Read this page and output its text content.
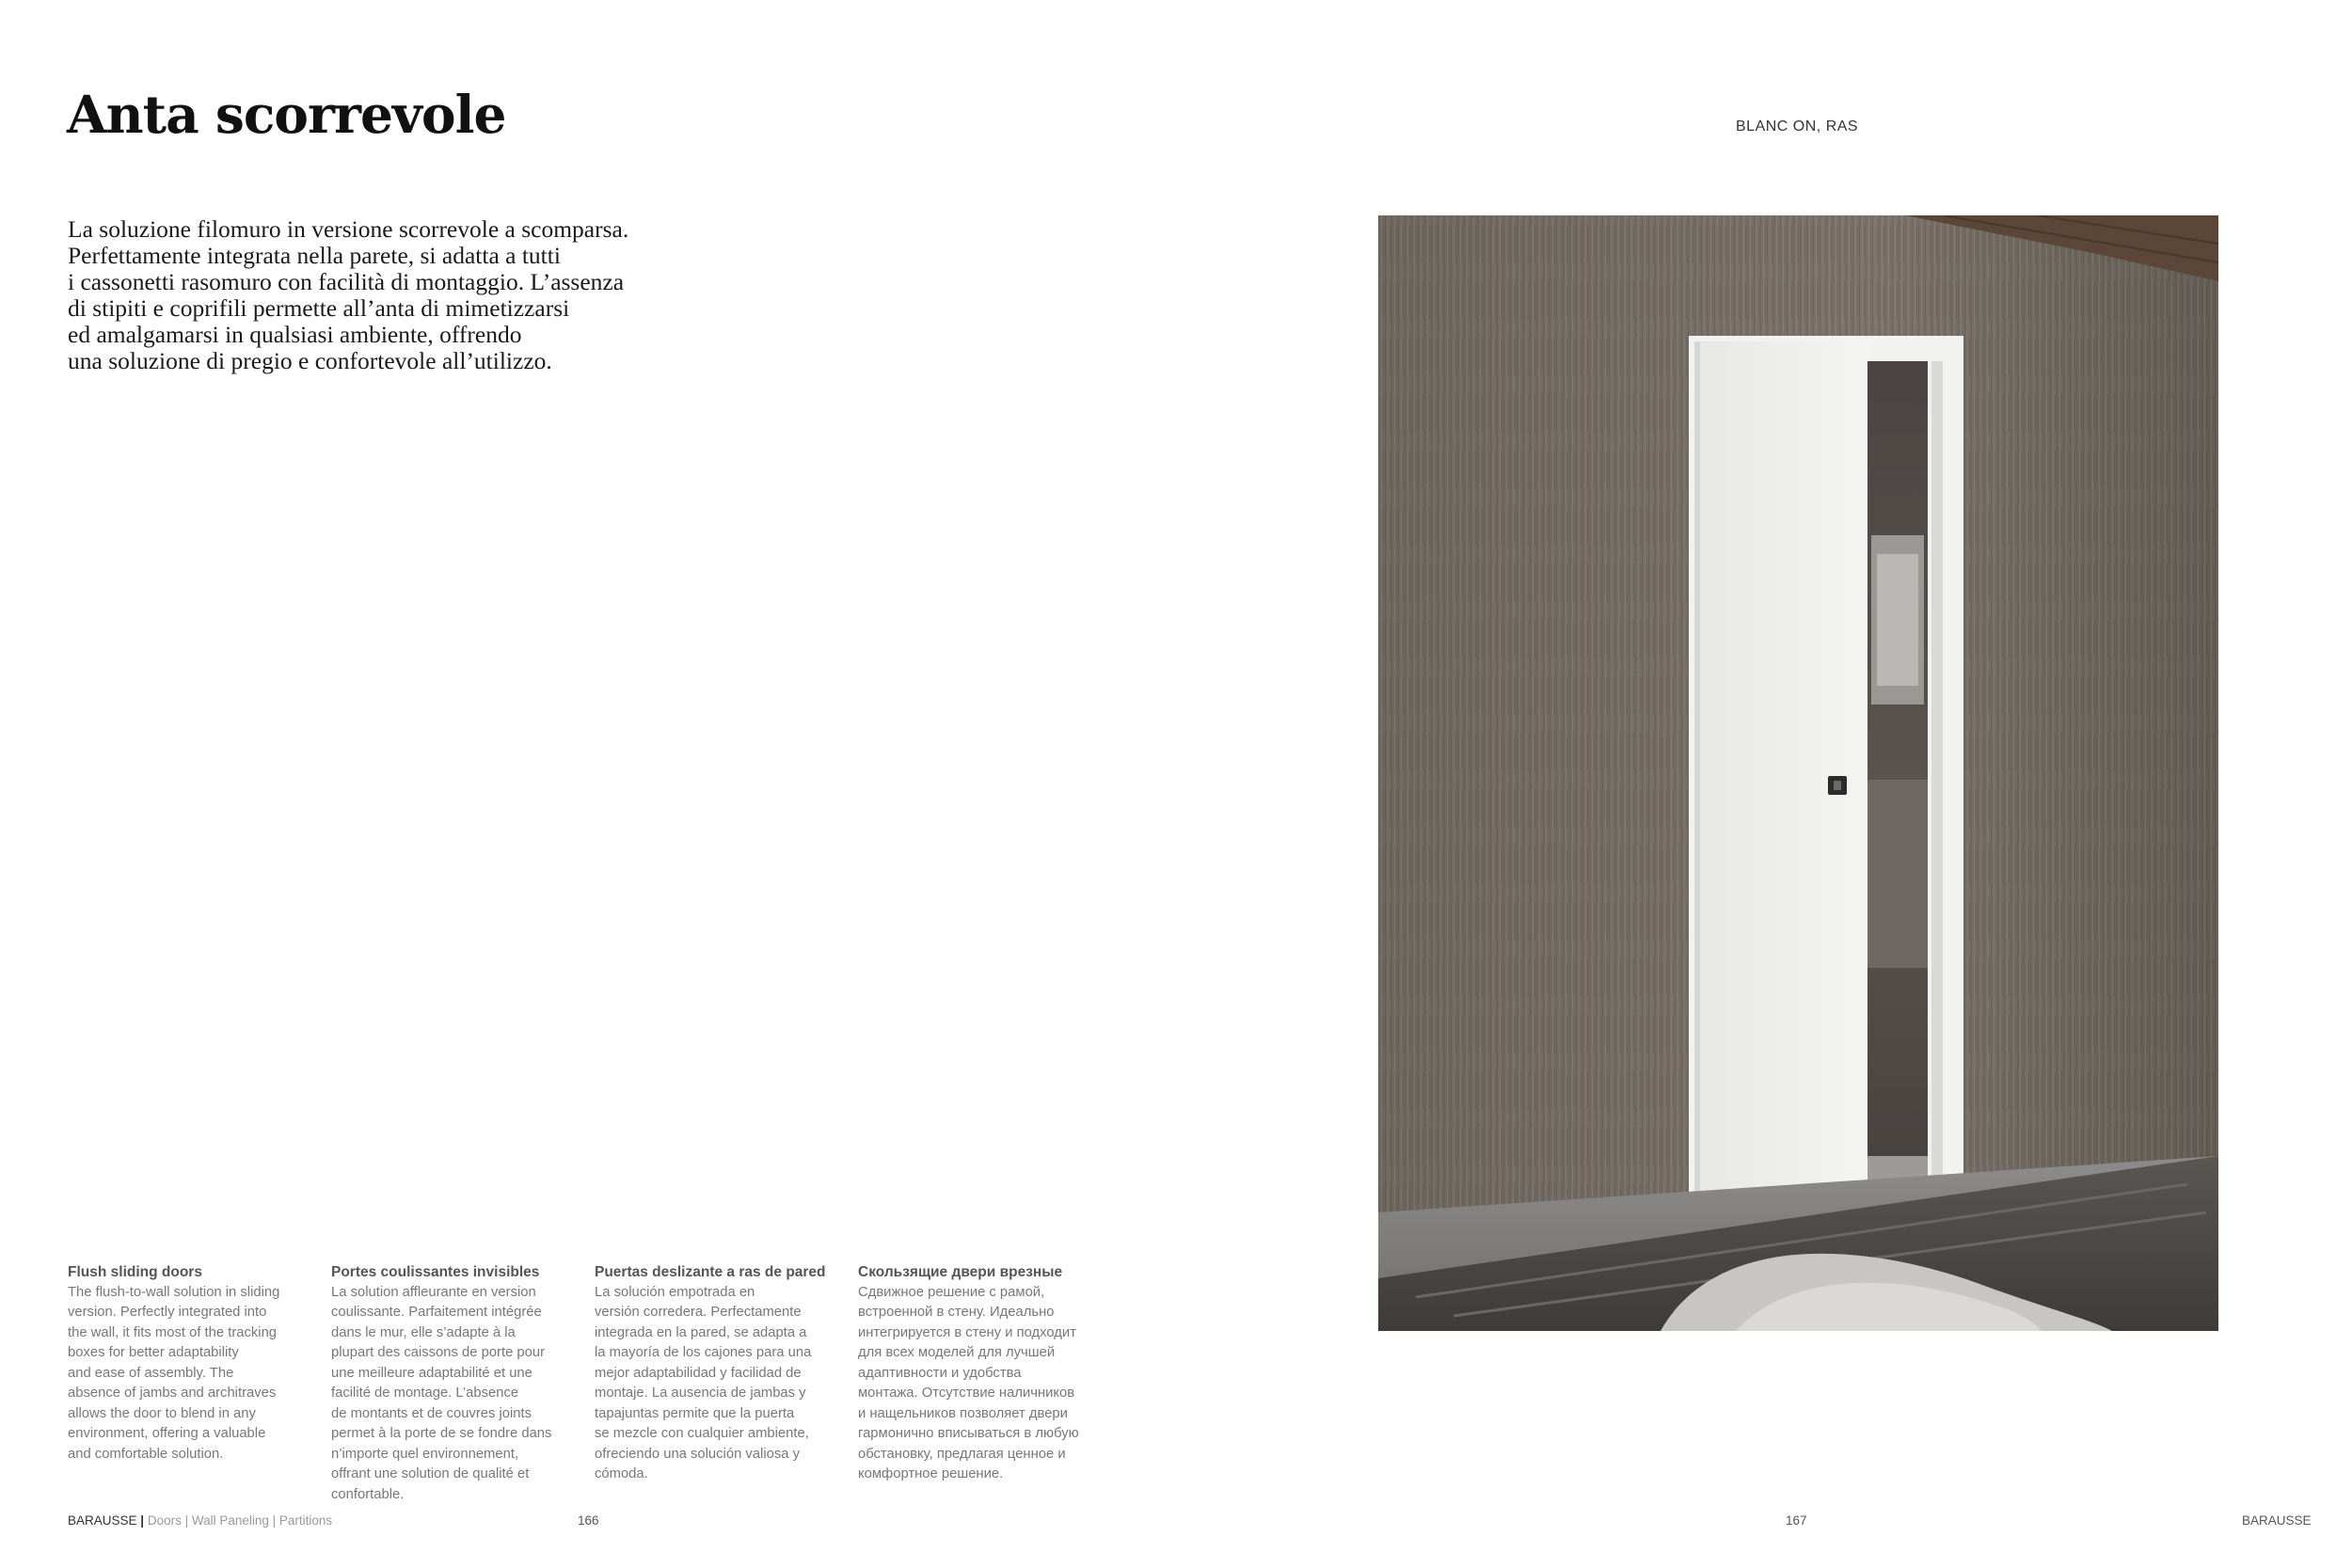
Anta scorrevole
La soluzione filomuro in versione scorrevole a scomparsa.
Perfettamente integrata nella parete, si adatta a tutti
i cassonetti rasomuro con facilità di montaggio. L’assenza
di stipiti e coprifili permette all’anta di mimetizzarsi
ed amalgamarsi in qualsiasi ambiente, offrendo
una soluzione di pregio e confortevole all’utilizzo.
BLANC ON, RAS
Flush sliding doors
The flush-to-wall solution in sliding
version. Perfectly integrated into
the wall, it fits most of the tracking
boxes for better adaptability
and ease of assembly. The
absence of jambs and architraves
allows the door to blend in any
environment, offering a valuable
and comfortable solution.
Portes coulissantes invisibles
La solution affleurante en version
coulissante. Parfaitement intégrée
dans le mur, elle s’adapte à la
plupart des caissons de porte pour
une meilleure adaptabilité et une
facilité de montage. L’absence
de montants et de couvres joints
permet à la porte de se fondre dans
n’importe quel environnement,
offrant une solution de qualité et
confortable.
Puertas deslizante a ras de pared
La solución empotrada en
versión corredera. Perfectamente
integrada en la pared, se adapta a
la mayoría de los cajones para una
mejor adaptabilidad y facilidad de
montaje. La ausencia de jambas y
tapajuntas permite que la puerta
se mezcle con cualquier ambiente,
ofreciendo una solución valiosa y
cómoda.
Скользящие двери врезные
Сдвижное решение с рамой,
встроенной в стену. Идеально
интегрируется в стену и подходит
для всех моделей для лучшей
адаптивности и удобства
монтажа. Отсутствие наличников
и нащельников позволяет двери
гармонично вписываться в любую
обстановку, предлагая ценное и
комфортное решение.
BARAUSSE | Doors | Wall Paneling | Partitions	166	167	BARAUSSE
